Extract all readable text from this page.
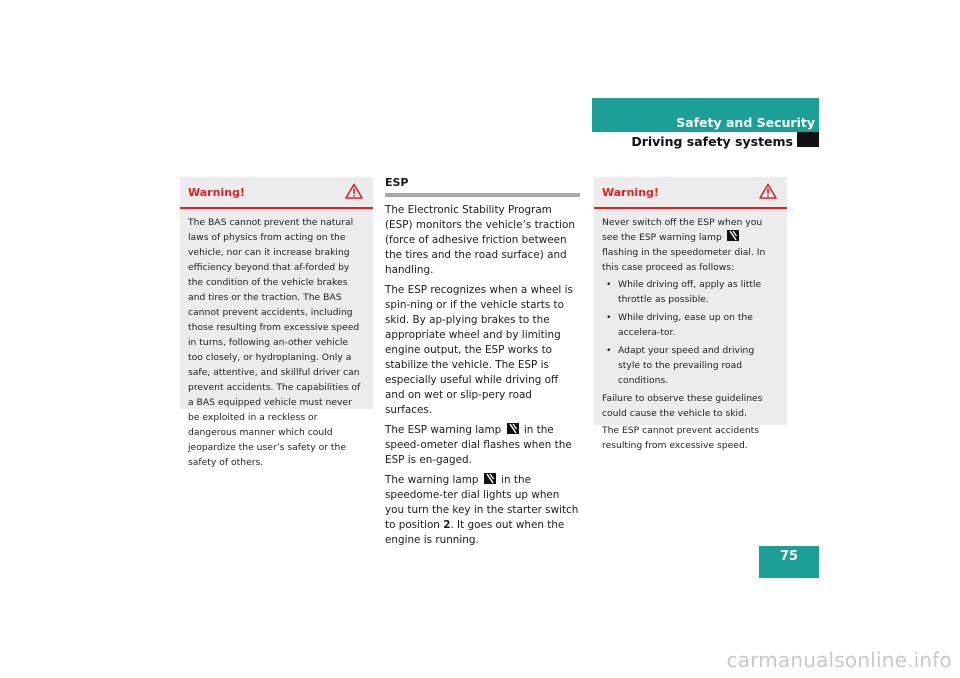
Safety and Security
Driving safety systems
Warning!

The BAS cannot prevent the natural laws of physics from acting on the vehicle, nor can it increase braking efficiency beyond that af-forded by the condition of the vehicle brakes and tires or the traction. The BAS cannot prevent accidents, including those resulting from excessive speed in turns, following an-other vehicle too closely, or hydroplaning. Only a safe, attentive, and skillful driver can prevent accidents. The capabilities of a BAS equipped vehicle must never be exploited in a reckless or dangerous manner which could jeopardize the user’s safety or the safety of others.

ESP

The Electronic Stability Program (ESP) monitors the vehicle’s traction (force of adhesive friction between the tires and the road surface) and handling.

The ESP recognizes when a wheel is spin-ning or if the vehicle starts to skid. By ap-plying brakes to the appropriate wheel and by limiting engine output, the ESP works to stabilize the vehicle. The ESP is especially useful while driving off and on wet or slip-pery road surfaces.

The ESP warning lamp in the speed-ometer dial flashes when the ESP is en-gaged.

The warning lamp in the speedome-ter dial lights up when you turn the key in the starter switch to position 2. It goes out when the engine is running.

Warning!

Never switch off the ESP when you see the ESP warning lamp
flashing in the speedometer dial. In this case proceed as follows:

• While driving off, apply as little throttle as possible.
• While driving, ease up on the accelera-tor.
• Adapt your speed and driving style to the prevailing road conditions.

Failure to observe these guidelines could cause the vehicle to skid.

The ESP cannot prevent accidents resulting from excessive speed.

75
carmanualsonline.info
